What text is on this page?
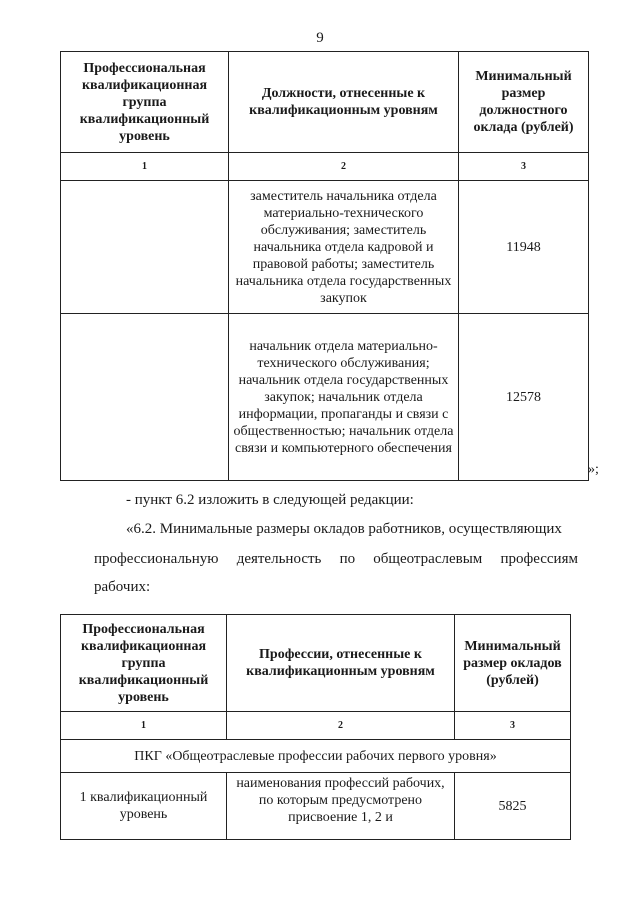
9
Профессиональная квалификационная группа квалификационный уровень	Должности, отнесенные к квалификационным уровням	Минимальный размер должностного оклада (рублей)
1	2	3
	заместитель начальника отдела материально-технического обслуживания; заместитель начальника отдела кадровой и правовой работы; заместитель начальника отдела государственных закупок	11948
	начальник отдела материально-технического обслуживания; начальник отдела государственных закупок; начальник отдела информации, пропаганды и связи с общественностью; начальник отдела связи и компьютерного обеспечения	12578
»;
- пункт 6.2 изложить в следующей редакции:
«6.2. Минимальные размеры окладов работников, осуществляющих
профессиональную деятельность по общеотраслевым профессиям
рабочих:
Профессиональная квалификационная группа квалификационный уровень	Профессии, отнесенные к квалификационным уровням	Минимальный размер окладов (рублей)
1	2	3
ПКГ «Общеотраслевые профессии рабочих первого уровня»		
1 квалификационный уровень	наименования профессий рабочих, по которым предусмотрено присвоение 1, 2 и	5825
